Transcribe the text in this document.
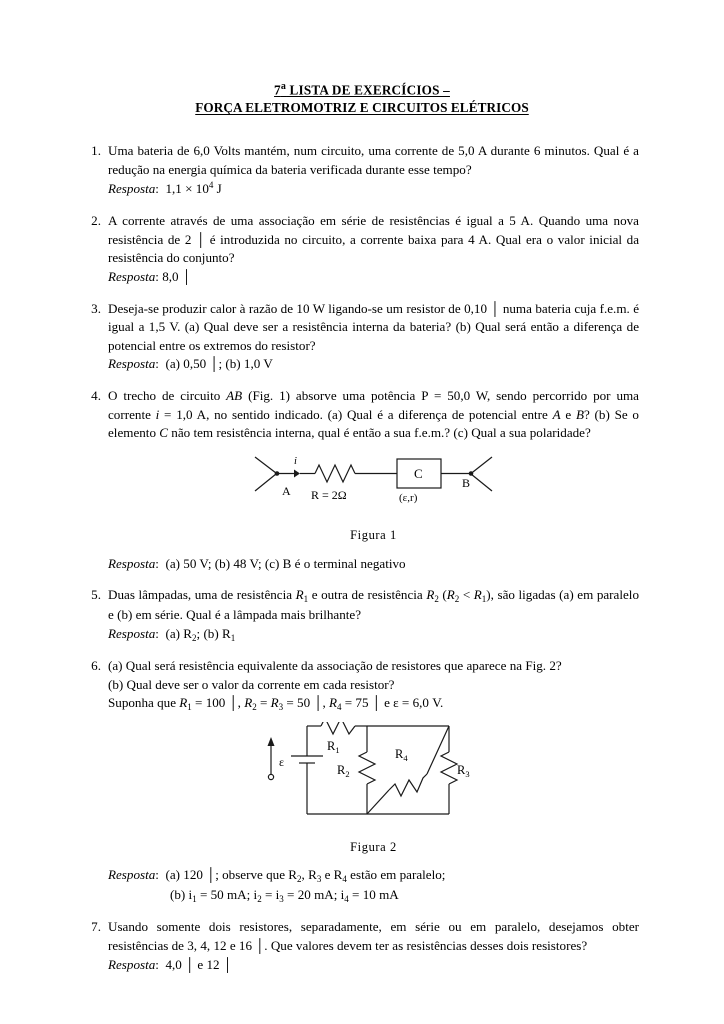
7$^a$ LISTA DE EXERCÍCIOS –
FORÇA ELETROMOTRIZ E CIRCUITOS ELÉTRICOS
1. Uma bateria de 6,0 Volts mantém, num circuito, uma corrente de 5,0 A durante 6 minutos. Qual é a redução na energia química da bateria verificada durante esse tempo?

Resposta:  $1,1 \times 10^4$ J

2. A corrente através de uma associação em série de resistências é igual a 5 A. Quando uma nova resistência de 2 │ é introduzida no circuito, a corrente baixa para 4 A. Qual era o valor inicial da resistência do conjunto?

Resposta: 8,0 │

3. Deseja-se produzir calor à razão de 10 W ligando-se um resistor de 0,10 │ numa bateria cuja f.e.m. é igual a 1,5 V. (a) Qual deve ser a resistência interna da bateria? (b) Qual será então a diferença de potencial entre os extremos do resistor?

Resposta:  (a) 0,50 │; (b) 1,0 V

4. O trecho de circuito AB (Fig. 1) absorve uma potência P = 50,0 W, sendo percorrido por uma corrente i = 1,0 A, no sentido indicado. (a) Qual é a diferença de potencial entre A e B? (b) Se o elemento C não tem resistência interna, qual é então a sua f.e.m.? (c) Qual a sua polaridade?

A
i
R = 2Ω
C
(ε,r)
B
Figura 1

Resposta:  (a) 50 V; (b) 48 V; (c) B é o terminal negativo

5. Duas lâmpadas, uma de resistência $R_1$ e outra de resistência $R_2$ $(R_2 < R_1)$, são ligadas (a) em paralelo e (b) em série. Qual é a lâmpada mais brilhante?

Resposta:  (a) $R_2$; (b) $R_1$

6. (a) Qual será resistência equivalente da associação de resistores que aparece na Fig. 2?

(b) Qual deve ser o valor da corrente em cada resistor?

Suponha que $R_1 = 100$ │, $R_2 = R_3 = 50$ │, $R_4 = 75$ │ e ε = 6,0 V.

ε
$R_1$
$R_2$	$R_3$
$R_4$
Figura 2

Resposta:  (a) 120 │; observe que $R_2$, $R_3$ e $R_4$ estão em paralelo;

(b) $i_1 = 50$ mA; $i_2 = i_3 = 20$ mA; $i_4 = 10$ mA

7. Usando somente dois resistores, separadamente, em série ou em paralelo, desejamos obter resistências de 3, 4, 12 e 16 │. Que valores devem ter as resistências desses dois resistores?

Resposta:  4,0 │ e 12 │
